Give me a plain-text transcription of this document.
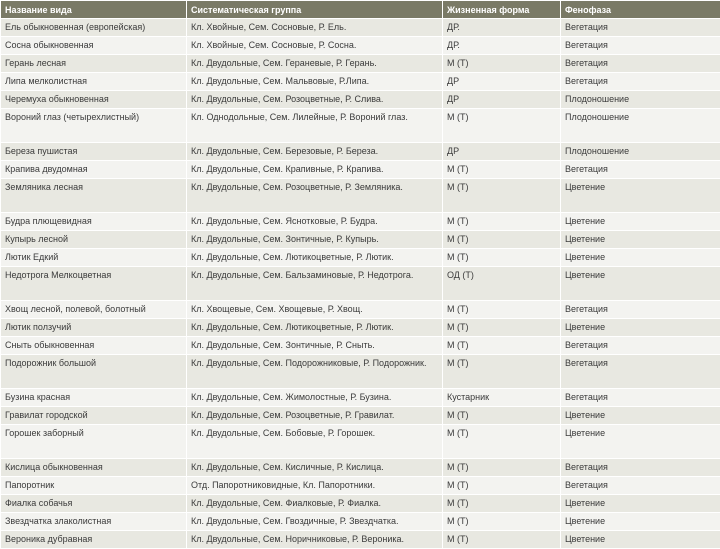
Название вида	Систематическая группа	Жизненная форма	Фенофаза
Ель обыкновенная (европейская)	Кл. Хвойные, Сем. Сосновые, Р. Ель.	ДР.	Вегетация
Сосна обыкновенная	Кл. Хвойные, Сем. Сосновые, Р. Сосна.	ДР.	Вегетация
Герань лесная	Кл. Двудольные, Сем. Гераневые, Р. Герань.	М (Т)	Вегетация
Липа мелколистная	Кл. Двудольные, Сем. Мальвовые, Р.Липа.	ДР	Вегетация
Черемуха обыкновенная	Кл. Двудольные, Сем. Розоцветные, Р. Слива.	ДР	Плодоношение
Вороний глаз (четырехлистный)	Кл. Однодольные, Сем. Лилейные, Р. Вороний глаз.	М (Т)	Плодоношение
Береза пушистая	Кл. Двудольные, Сем. Березовые, Р. Береза.	ДР	Плодоношение
Крапива двудомная	Кл. Двудольные, Сем. Крапивные, Р. Крапива.	М (Т)	Вегетация
Земляника лесная	Кл. Двудольные, Сем. Розоцветные, Р. Земляника.	М (Т)	Цветение
Будра плющевидная	Кл. Двудольные, Сем. Яснотковые, Р. Будра.	М (Т)	Цветение
Купырь лесной	Кл. Двудольные, Сем. Зонтичные, Р. Купырь.	М (Т)	Цветение
Лютик Едкий	Кл. Двудольные, Сем. Лютикоцветные, Р. Лютик.	М (Т)	Цветение
Недотрога Мелкоцветная	Кл. Двудольные, Сем. Бальзаминовые, Р. Недотрога.	ОД (Т)	Цветение
Хвощ лесной, полевой, болотный	Кл. Хвощевые, Сем. Хвощевые, Р. Хвощ.	М (Т)	Вегетация
Лютик ползучий	Кл. Двудольные, Сем. Лютикоцветные, Р. Лютик.	М (Т)	Цветение
Сныть обыкновенная	Кл. Двудольные, Сем. Зонтичные, Р. Сныть.	М (Т)	Вегетация
Подорожник большой	Кл. Двудольные, Сем. Подорожниковые, Р. Подорожник.	М (Т)	Вегетация
Бузина красная	Кл. Двудольные, Сем. Жимолостные, Р. Бузина.	Кустарник	Вегетация
Гравилат городской	Кл. Двудольные, Сем. Розоцветные, Р. Гравилат.	М (Т)	Цветение
Горошек заборный	Кл. Двудольные, Сем. Бобовые, Р. Горошек.	М (Т)	Цветение
Кислица обыкновенная	Кл. Двудольные, Сем. Кисличные, Р. Кислица.	М (Т)	Вегетация
Папоротник	Отд. Папоротниковидные, Кл. Папоротники.	М (Т)	Вегетация
Фиалка собачья	Кл. Двудольные, Сем. Фиалковые, Р. Фиалка.	М (Т)	Цветение
Звездчатка злаколистная	Кл. Двудольные, Сем. Гвоздичные, Р. Звездчатка.	М (Т)	Цветение
Вероника дубравная	Кл. Двудольные, Сем. Норичниковые, Р. Вероника.	М (Т)	Цветение
